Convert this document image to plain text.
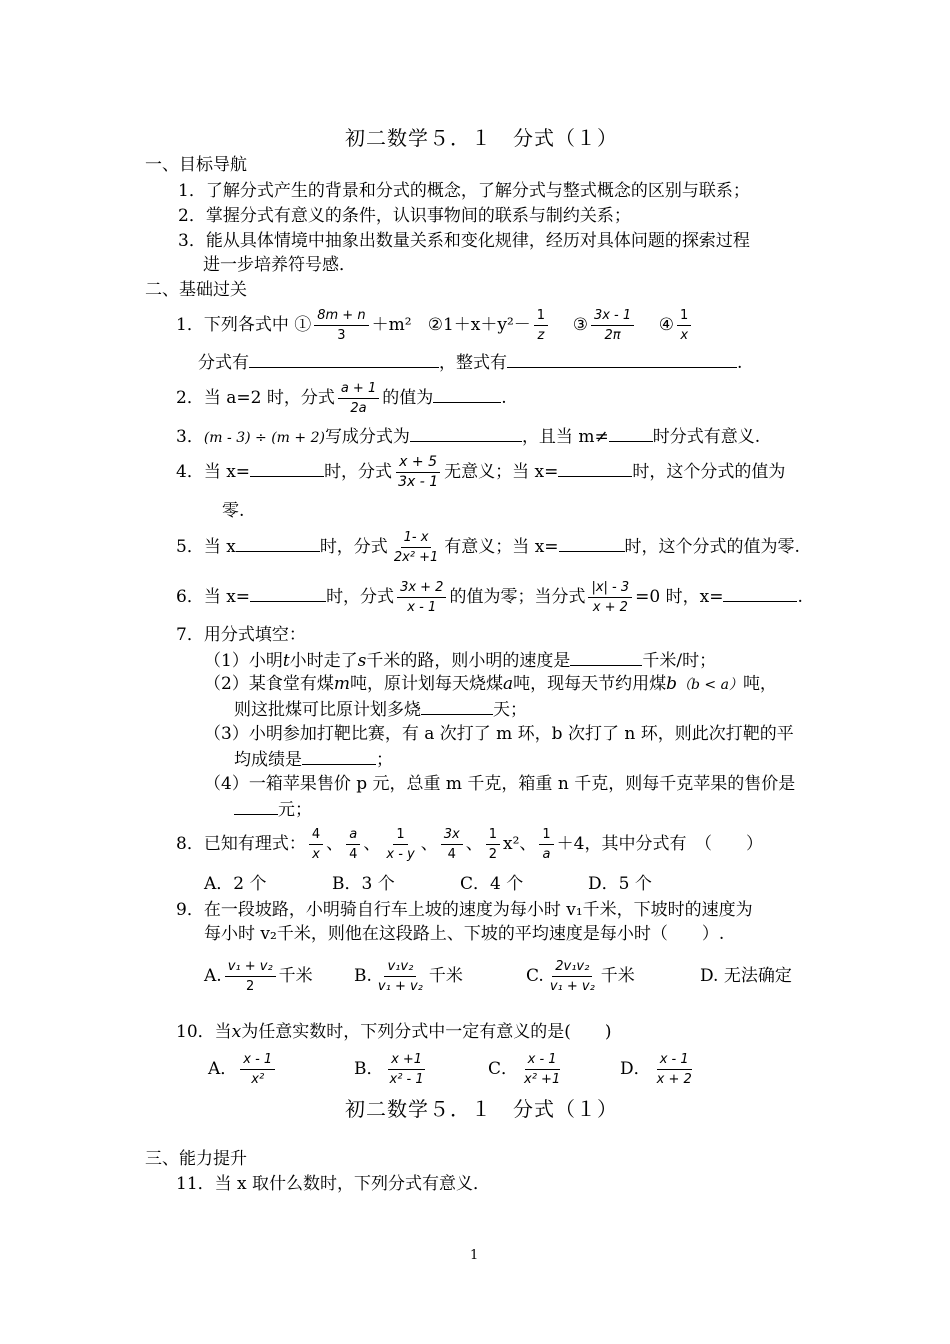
初二数学５．１　分式（１）
一、目标导航
1．了解分式产生的背景和分式的概念，了解分式与整式概念的区别与联系；
2．掌握分式有意义的条件，认识事物间的联系与制约关系；
3．能从具体情境中抽象出数量关系和变化规律，经历对具体问题的探索过程
进一步培养符号感．
二、基础过关
1．下列各式中 ① $\frac{8m + n}{3} +m^2$ ②1＋x＋y²－ $\frac{1}{z}$ ③ $\frac{3x - 1}{2\pi}$ ④ $\frac{1}{x}$
分式有	，整式有	.
2．当 a=2 时，分式 $\frac{a + 1}{2a}$ 的值为	.
3．(m - 3) ÷ (m + 2)写成分式为	，且当 m≠	时分式有意义.
4．当 x=	时，分式 $\frac{x + 5}{3x - 1}$ 无意义；当 x=	时，这个分式的值为
零.
5．当 x	时，分式 $\frac{1- x}{\text{2x² +1}}$ 有意义；当 x=	时，这个分式的值为零.
6．当 x=	时，分式 $\frac{3x + 2}{x - 1}$ 的值为零；当分式 $\frac{|x| - 3}{x + 2} =0$ 时，x=	.
7．用分式填空：
（1）小明t小时走了s千米的路，则小明的速度是	千米/时；
（2）某食堂有煤m吨，原计划每天烧煤a吨，现每天节约用煤b（b < a）吨，
则这批煤可比原计划多烧	天；
（3）小明参加打靶比赛，有 a 次打了 m 环，b 次打了 n 环，则此次打靶的平
均成绩是	；
（4）一箱苹果售价 p 元，总重 m 千克，箱重 n 千克，则每千克苹果的售价是
元；
8．已知有理式： $\frac{4}{x}$ 、 $\frac{a}{4}$ 、 $\frac{1}{x - y}$ 、 $\frac{3x}{4}$ 、 $\frac{1}{2} x^2$、 $\frac{1}{a} +4$，其中分式有　（　　）
A．2 个	B．3 个	C．4 个	D．5 个
9．在一段坡路，小明骑自行车上坡的速度为每小时 v₁千米，下坡时的速度为
每小时 v₂千米，则他在这段路上、下坡的平均速度是每小时（　　）.
A. $\frac{\text{v₁ + v₂}}{2}$ 千米 B. $\frac{\text{v₁v₂}}{\text{v₁ + v₂}}$ 千米	C. $\frac{\text{2v₁v₂}}{\text{v₁ + v₂}}$ 千米	D. 无法确定
10．当x为任意实数时，下列分式中一定有意义的是(　　)
A． $\frac{x - 1}{\text{x²}}$	B． $\frac{x +1}{\text{x² - 1}}$	C． $\frac{x - 1}{\text{x² +1}}$	D． $\frac{x - 1}{x + 2}$
初二数学５．１　分式（１）
三、能力提升
11．当 x 取什么数时，下列分式有意义．
1
